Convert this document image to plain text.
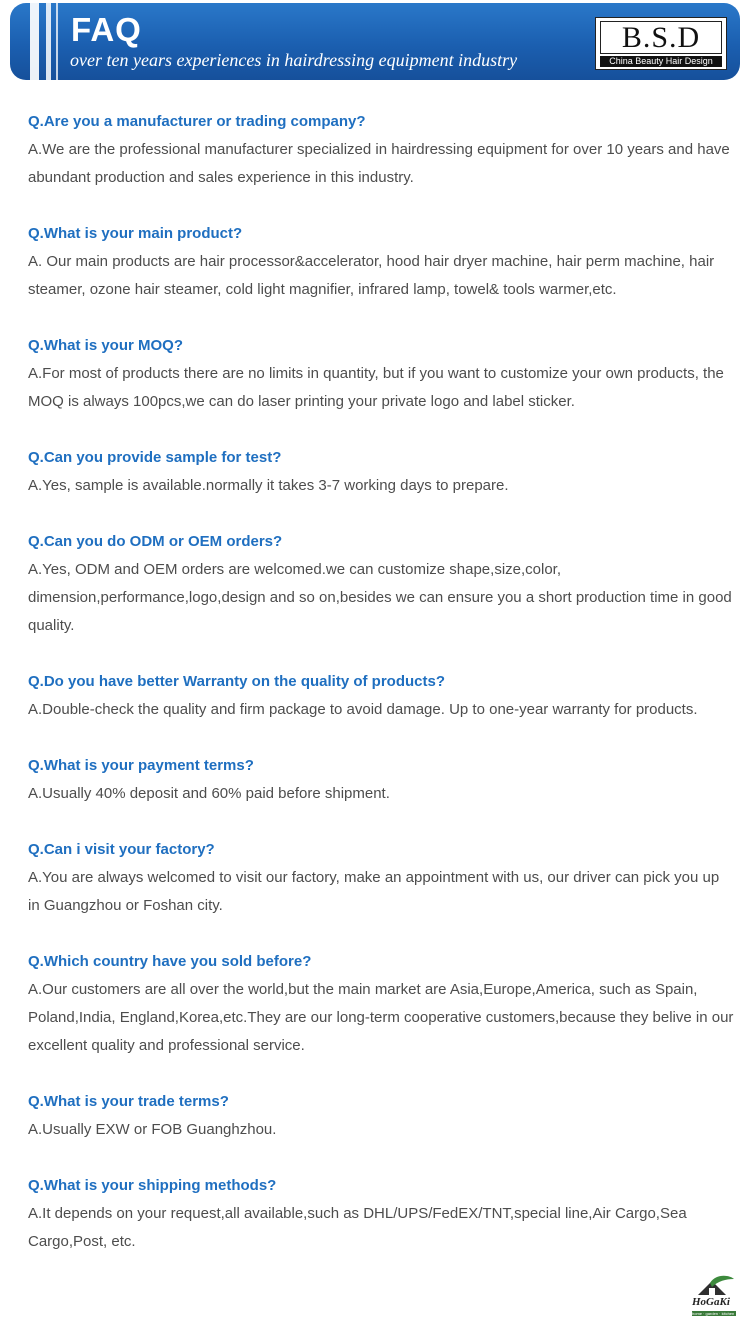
FAQ

over ten years experiences in hairdressing equipment industry

B.S.D
China Beauty Hair Design

Q.Are you a manufacturer or trading company?

A.We are the professional manufacturer specialized in hairdressing equipment for over 10 years and have abundant production and sales experience in this industry.

Q.What is your main product?

A. Our main products are hair processor&accelerator, hood hair dryer machine, hair perm machine, hair steamer, ozone hair steamer, cold light magnifier, infrared lamp, towel& tools warmer,etc.

Q.What is your MOQ?

A.For most of products there are no limits in quantity, but if you want to customize your own products, the MOQ is always 100pcs,we can do laser printing your private logo and label sticker.

Q.Can you provide sample for test?

A.Yes, sample is available.normally it takes 3-7 working days to prepare.

Q.Can you do ODM or OEM orders?

A.Yes, ODM and OEM orders are welcomed.we can customize shape,size,color, dimension,performance,logo,design and so on,besides we can ensure you a short production time in good quality.

Q.Do you have better Warranty on the quality of products?

A.Double-check the quality and firm package to avoid damage. Up to one-year warranty for products.

Q.What is your payment terms?

A.Usually 40% deposit and 60% paid before shipment.

Q.Can i visit your factory?

A.You are always welcomed to visit our factory, make an appointment with us, our driver can pick you up in Guangzhou or Foshan city.

Q.Which country have you sold before?

A.Our customers are all over the world,but the main market are Asia,Europe,America, such as Spain, Poland,India, England,Korea,etc.They are our long-term cooperative customers,because they belive in our excellent quality and professional service.

Q.What is your trade terms?

A.Usually EXW or FOB Guanghzhou.

Q.What is your shipping methods?

A.It depends on your request,all available,such as DHL/UPS/FedEX/TNT,special line,Air Cargo,Sea Cargo,Post, etc.

HoGaKi
home · garden · kitchen
